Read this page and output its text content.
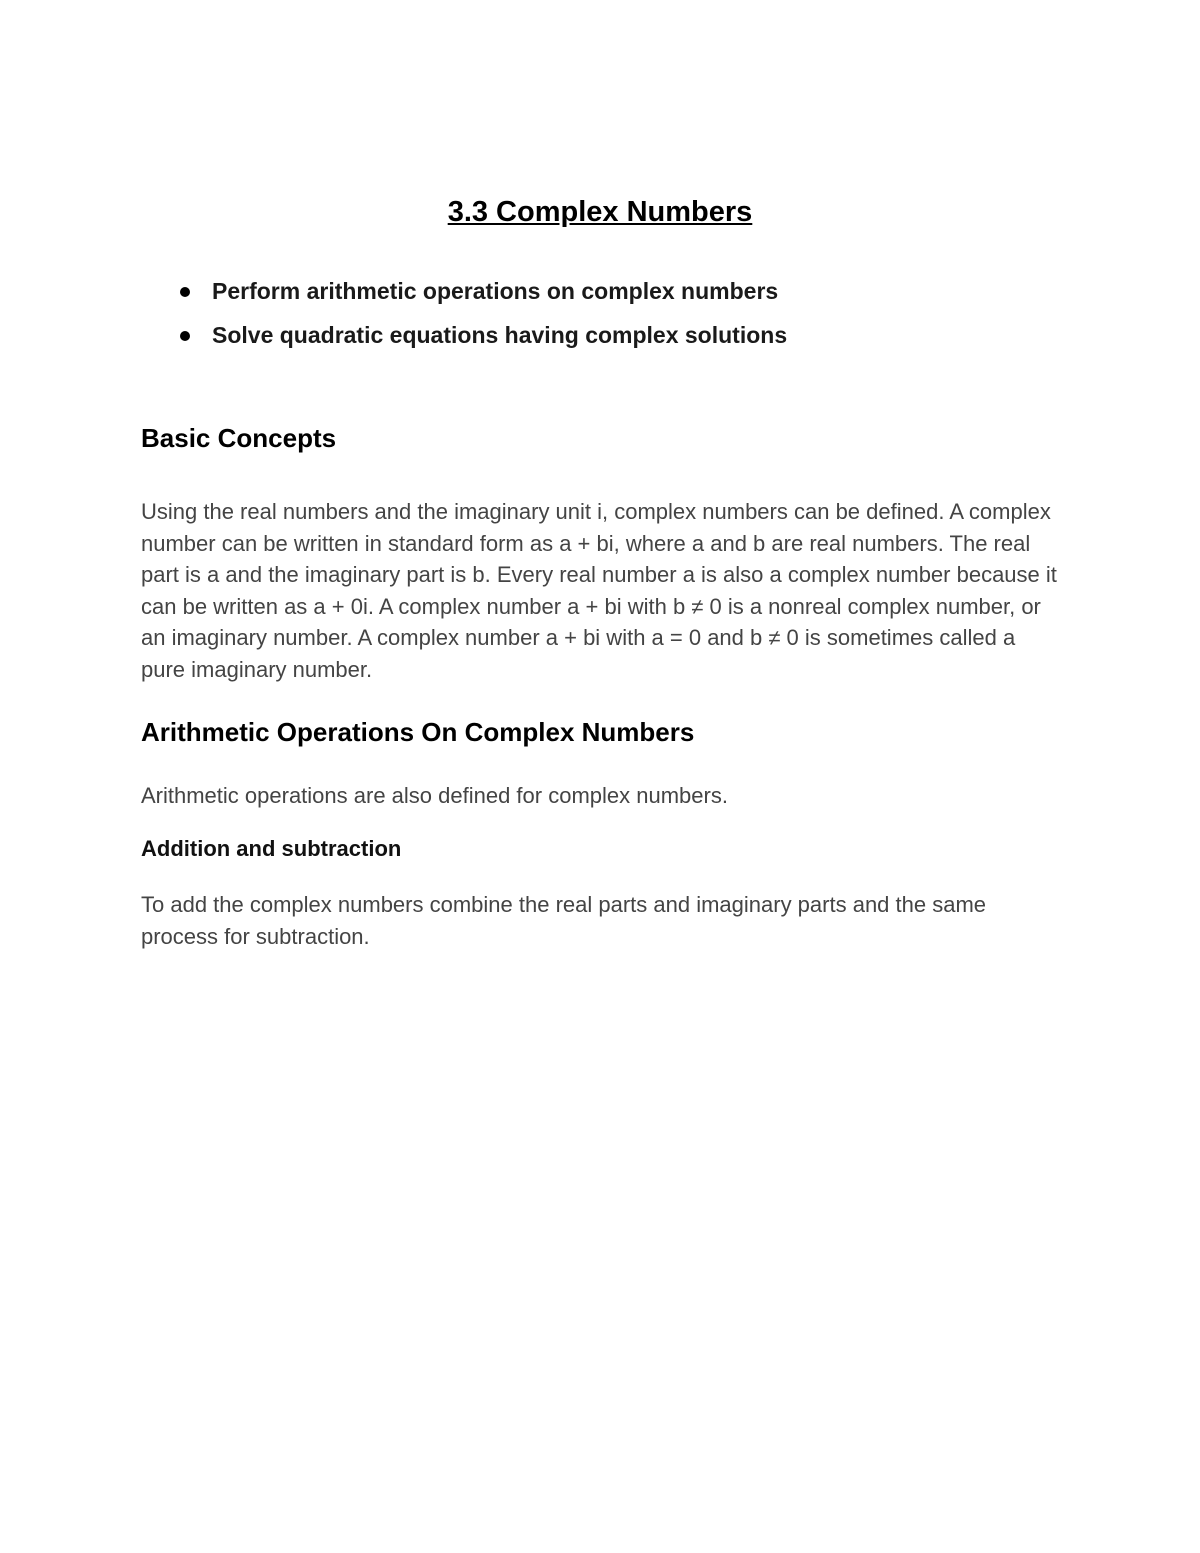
3.3 Complex Numbers
Perform arithmetic operations on complex numbers
Solve quadratic equations having complex solutions
Basic Concepts

Using the real numbers and the imaginary unit i, complex numbers can be defined. A complex number can be written in standard form as a + bi, where a and b are real numbers. The real part is a and the imaginary part is b. Every real number a is also a complex number because it can be written as a + 0i. A complex number a + bi with b ≠ 0 is a nonreal complex number, or an imaginary number. A complex number a + bi with a = 0 and b ≠ 0 is sometimes called a pure imaginary number.

Arithmetic Operations On Complex Numbers

Arithmetic operations are also defined for complex numbers.

Addition and subtraction

To add the complex numbers combine the real parts and imaginary parts and the same process for subtraction.
